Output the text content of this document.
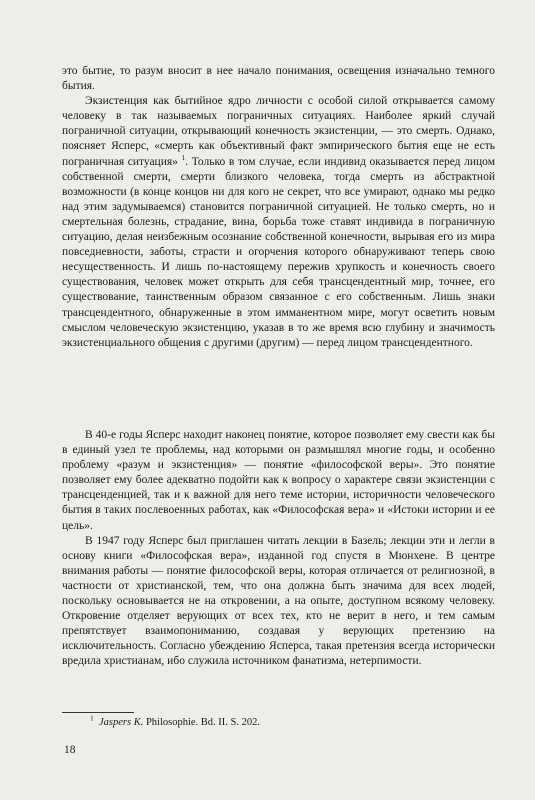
это бытие, то разум вносит в нее начало понимания, освещения изначально темного бытия.

Экзистенция как бытийное ядро личности с особой силой открывается самому человеку в так называемых пограничных ситуациях. Наиболее яркий случай пограничной ситуации, открывающий конечность экзистенции, — это смерть. Однако, поясняет Ясперс, «смерть как объективный факт эмпирического бытия еще не есть пограничная ситуация» $^1$. Только в том случае, если индивид оказывается перед лицом собственной смерти, смерти близкого человека, тогда смерть из абстрактной возможности (в конце концов ни для кого не секрет, что все умирают, однако мы редко над этим задумываемся) становится пограничной ситуацией. Не только смерть, но и смертельная болезнь, страдание, вина, борьба тоже ставят индивида в пограничную ситуацию, делая неизбежным осознание собственной конечности, вырывая его из мира повседневности, заботы, страсти и огорчения которого обнаруживают теперь свою несущественность. И лишь по-настоящему пережив хрупкость и конечность своего существования, человек может открыть для себя трансцендентный мир, точнее, его существование, таинственным образом связанное с его собственным. Лишь знаки трансцендентного, обнаруженные в этом имманентном мире, могут осветить новым смыслом человеческую экзистенцию, указав в то же время всю глубину и значимость экзистенциального общения с другими (другим) — перед лицом трансцендентного.

В 40-е годы Ясперс находит наконец понятие, которое позволяет ему свести как бы в единый узел те проблемы, над которыми он размышлял многие годы, и особенно проблему «разум и экзистенция» — понятие «философской веры». Это понятие позволяет ему более адекватно подойти как к вопросу о характере связи экзистенции с трансценденцией, так и к важной для него теме истории, историчности человеческого бытия в таких послевоенных работах, как «Философская вера» и «Истоки истории и ее цель».

В 1947 году Ясперс был приглашен читать лекции в Базель; лекции эти и легли в основу книги «Философская вера», изданной год спустя в Мюнхене. В центре внимания работы — понятие философской веры, которая отличается от религиозной, в частности от христианской, тем, что она должна быть значима для всех людей, поскольку основывается не на откровении, а на опыте, доступном всякому человеку. Откровение отделяет верующих от всех тех, кто не верит в него, и тем самым препятствует взаимопониманию, создавая у верующих претензию на исключительность. Согласно убеждению Ясперса, такая претензия всегда исторически вредила христианам, ибо служила источником фанатизма, нетерпимости.

$^1$ Jaspers K. Philosophie. Bd. II. S. 202.
18
